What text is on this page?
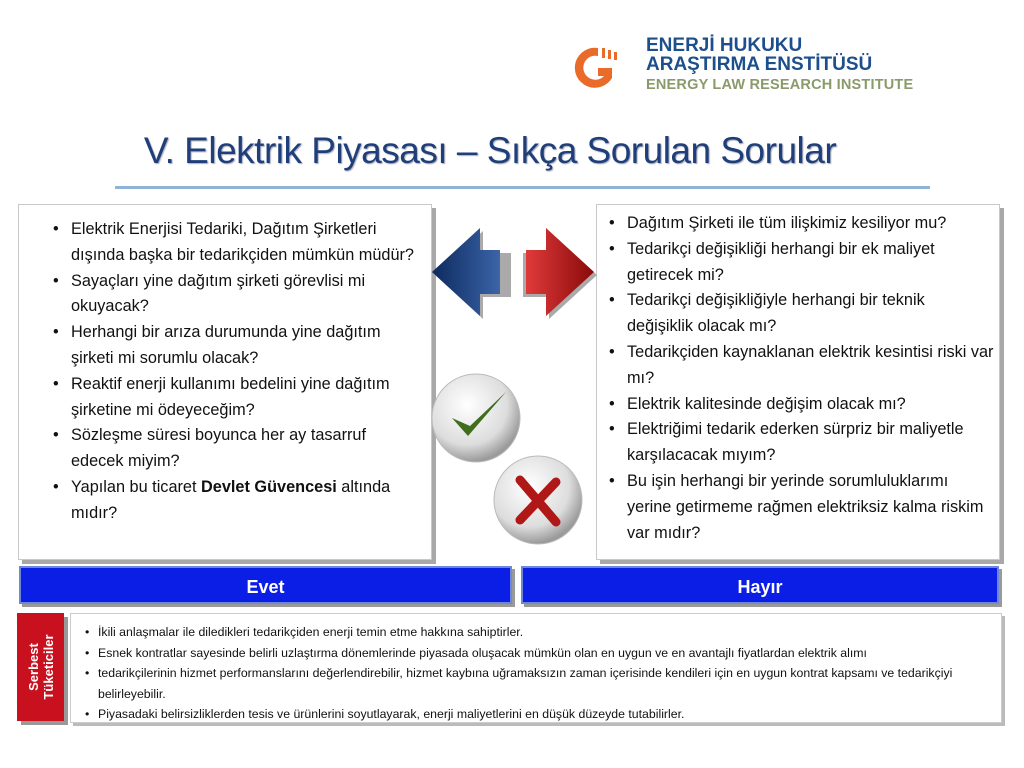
ENERJİ HUKUKU
ARAŞTIRMA ENSTİTÜSÜ
ENERGY LAW RESEARCH INSTITUTE
V. Elektrik Piyasası – Sıkça Sorulan Sorular
• Elektrik Enerjisi Tedariki, Dağıtım Şirketleri dışında başka bir tedarikçiden mümkün müdür?
• Sayaçları yine dağıtım şirketi görevlisi mi okuyacak?
• Herhangi bir arıza durumunda yine dağıtım şirketi mi sorumlu olacak?
• Reaktif enerji kullanımı bedelini yine dağıtım şirketine mi ödeyeceğim?
• Sözleşme süresi boyunca her ay tasarruf edecek miyim?
• Yapılan bu ticaret Devlet Güvencesi altında mıdır?
• Dağıtım Şirketi ile tüm ilişkimiz kesiliyor mu?
• Tedarikçi değişikliği herhangi bir ek maliyet getirecek mi?
• Tedarikçi değişikliğiyle herhangi bir teknik değişiklik olacak mı?
• Tedarikçiden kaynaklanan elektrik kesintisi riski var mı?
• Elektrik kalitesinde değişim olacak mı?
• Elektriğimi tedarik ederken sürpriz bir maliyetle karşılacacak mıyım?
• Bu işin herhangi bir yerinde sorumluluklarımı yerine getirmeme rağmen elektriksiz kalma riskim var mıdır?
Evet	Hayır
Serbest Tüketiciler
• İkili anlaşmalar ile diledikleri tedarikçiden enerji temin etme hakkına sahiptirler.
• Esnek kontratlar sayesinde belirli uzlaştırma dönemlerinde piyasada oluşacak mümkün olan en uygun ve en avantajlı fiyatlardan elektrik alımı
• tedarikçilerinin hizmet performanslarını değerlendirebilir, hizmet kaybına uğramaksızın zaman içerisinde kendileri için en uygun kontrat kapsamı ve tedarikçiyi belirleyebilir.
• Piyasadaki belirsizliklerden tesis ve ürünlerini soyutlayarak, enerji maliyetlerini en düşük düzeyde tutabilirler.
